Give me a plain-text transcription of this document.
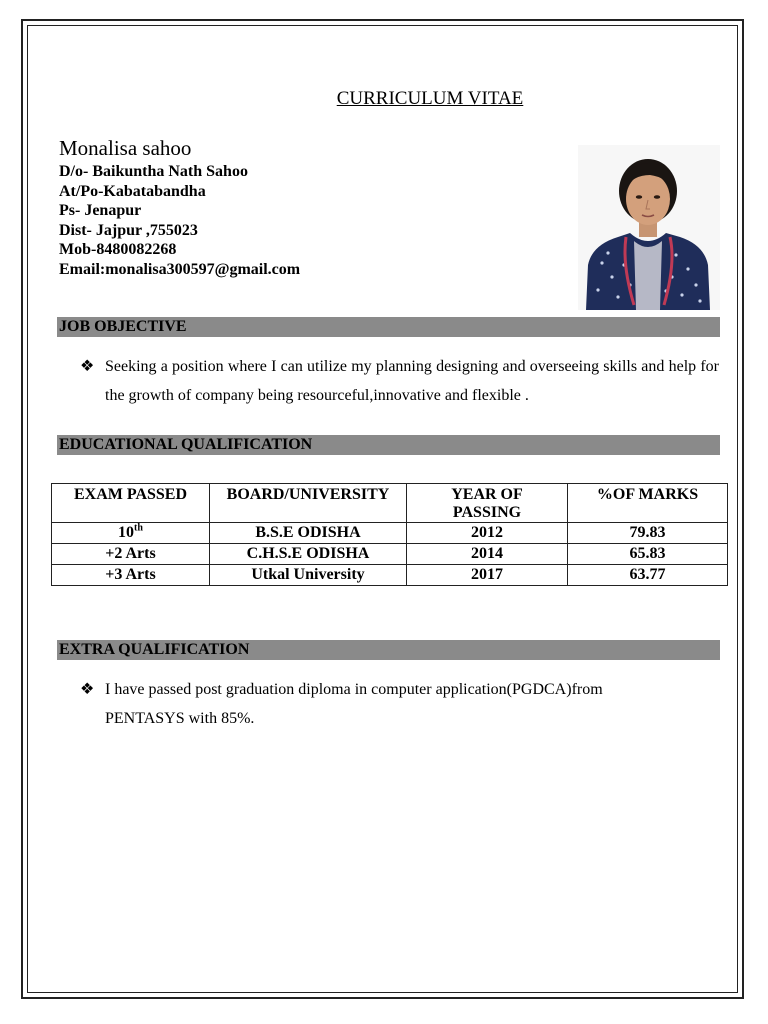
CURRICULUM VITAE
Monalisa sahoo
D/o- Baikuntha Nath Sahoo
At/Po-Kabatabandha
Ps- Jenapur
Dist- Jajpur ,755023
Mob-8480082268
Email:monalisa300597@gmail.com
JOB OBJECTIVE
❖ Seeking a position where I can utilize my planning designing and overseeing skills and help for the growth of company being resourceful,innovative and flexible .
EDUCATIONAL QUALIFICATION
EXAM PASSED	BOARD/UNIVERSITY	YEAR OF PASSING	%OF MARKS
10th	B.S.E ODISHA	2012	79.83
+2 Arts	C.H.S.E ODISHA	2014	65.83
+3 Arts	Utkal University	2017	63.77
EXTRA QUALIFICATION
❖ I have passed post graduation diploma in computer application(PGDCA)from PENTASYS with 85%.
